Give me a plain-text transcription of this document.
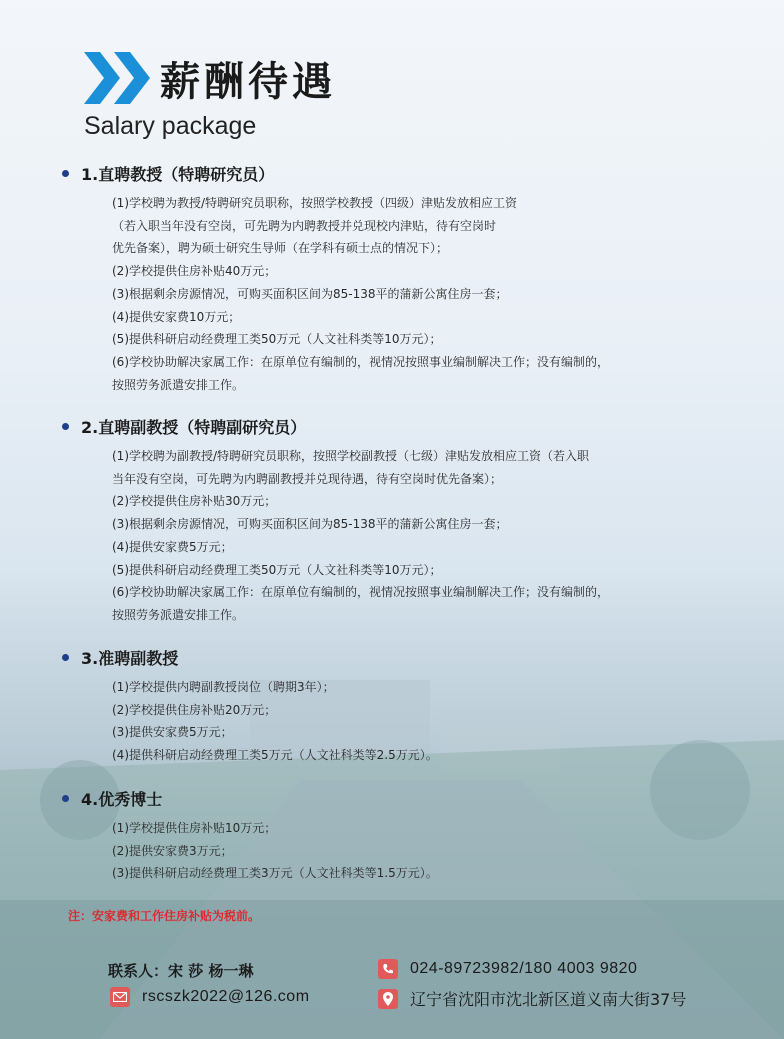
薪酬待遇
Salary package
1.直聘教授（特聘研究员）
(1)学校聘为教授/特聘研究员职称，按照学校教授（四级）津贴发放相应工资
（若入职当年没有空岗，可先聘为内聘教授并兑现校内津贴，待有空岗时
优先备案），聘为硕士研究生导师（在学科有硕士点的情况下）；
(2)学校提供住房补贴40万元；
(3)根据剩余房源情况，可购买面积区间为85-138平的蒲新公寓住房一套；
(4)提供安家费10万元；
(5)提供科研启动经费理工类50万元（人文社科类等10万元）；
(6)学校协助解决家属工作：在原单位有编制的，视情况按照事业编制解决工作；没有编制的，
按照劳务派遣安排工作。
2.直聘副教授（特聘副研究员）
(1)学校聘为副教授/特聘研究员职称，按照学校副教授（七级）津贴发放相应工资（若入职
当年没有空岗，可先聘为内聘副教授并兑现待遇，待有空岗时优先备案）；
(2)学校提供住房补贴30万元；
(3)根据剩余房源情况，可购买面积区间为85-138平的蒲新公寓住房一套；
(4)提供安家费5万元；
(5)提供科研启动经费理工类50万元（人文社科类等10万元）；
(6)学校协助解决家属工作：在原单位有编制的，视情况按照事业编制解决工作；没有编制的，
按照劳务派遣安排工作。
3.准聘副教授
(1)学校提供内聘副教授岗位（聘期3年）；
(2)学校提供住房补贴20万元；
(3)提供安家费5万元；
(4)提供科研启动经费理工类5万元（人文社科类等2.5万元）。
4.优秀博士
(1)学校提供住房补贴10万元；
(2)提供安家费3万元；
(3)提供科研启动经费理工类3万元（人文社科类等1.5万元）。
注：安家费和工作住房补贴为税前。
联系人：宋 莎 杨一琳
rscszk2022@126.com
024-89723982/180 4003 9820
辽宁省沈阳市沈北新区道义南大街37号
